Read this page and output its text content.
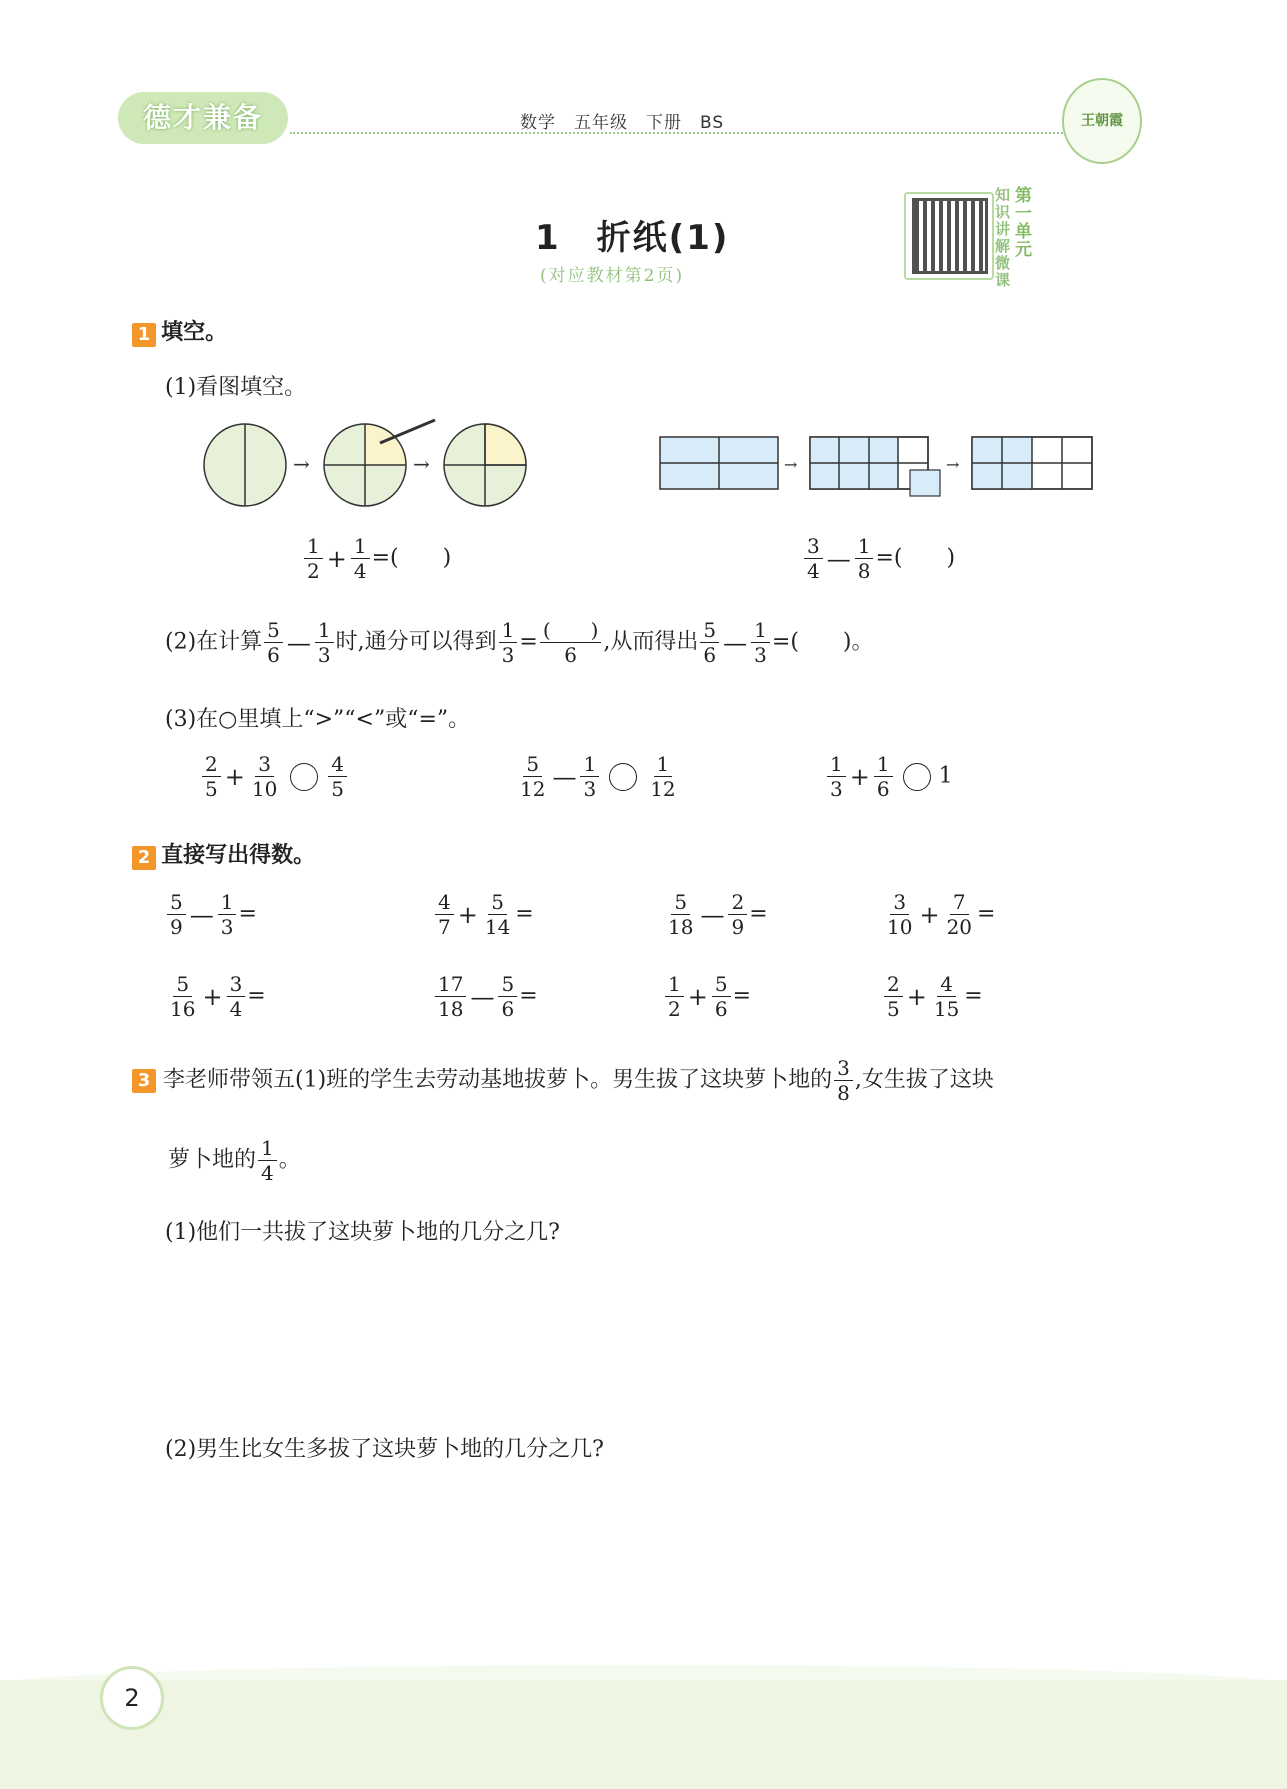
德才兼备	数学　五年级　下册　BS	王朝霞
1　折纸(1)
(对应教材第2页)
知识讲解微课
第一单元
1 填空。
(1)看图填空。
→	→	→	→
$\frac{1}{2} + \frac{1}{4}$ =(　　)	$\frac{3}{4}$ — $\frac{1}{8}$ =(　　)
(2)在计算 $\frac{5}{6}$ — $\frac{1}{3}$ 时,通分可以得到 $\frac{1}{3} = \frac{( )}{6}$ ,从而得出 $\frac{5}{6}$ — $\frac{1}{3}$ =(　　)。
(3)在○里填上“>”“<”或“=”。
$\frac{2}{5} + \frac{3}{10} \frac{4}{5}$	$\frac{5}{12}$ — $\frac{1}{3} \frac{1}{12}$	$\frac{1}{3} + \frac{1}{6} 1$
2 直接写出得数。
$\frac{5}{9}$ — $\frac{1}{3}$ =	$\frac{4}{7} + \frac{5}{14}$ =	$\frac{5}{18}$ — $\frac{2}{9}$ =	$\frac{3}{10} + \frac{7}{20}$ =
$\frac{5}{16} + \frac{3}{4}$ =	$\frac{17}{18}$ — $\frac{5}{6}$ =	$\frac{1}{2} + \frac{5}{6}$ =	$\frac{2}{5} + \frac{4}{15}$ =
3 李老师带领五(1)班的学生去劳动基地拔萝卜。男生拔了这块萝卜地的 $\frac{3}{8}$ ,女生拔了这块
萝卜地的 $\frac{1}{4}$ 。
(1)他们一共拔了这块萝卜地的几分之几?
(2)男生比女生多拔了这块萝卜地的几分之几?
2
